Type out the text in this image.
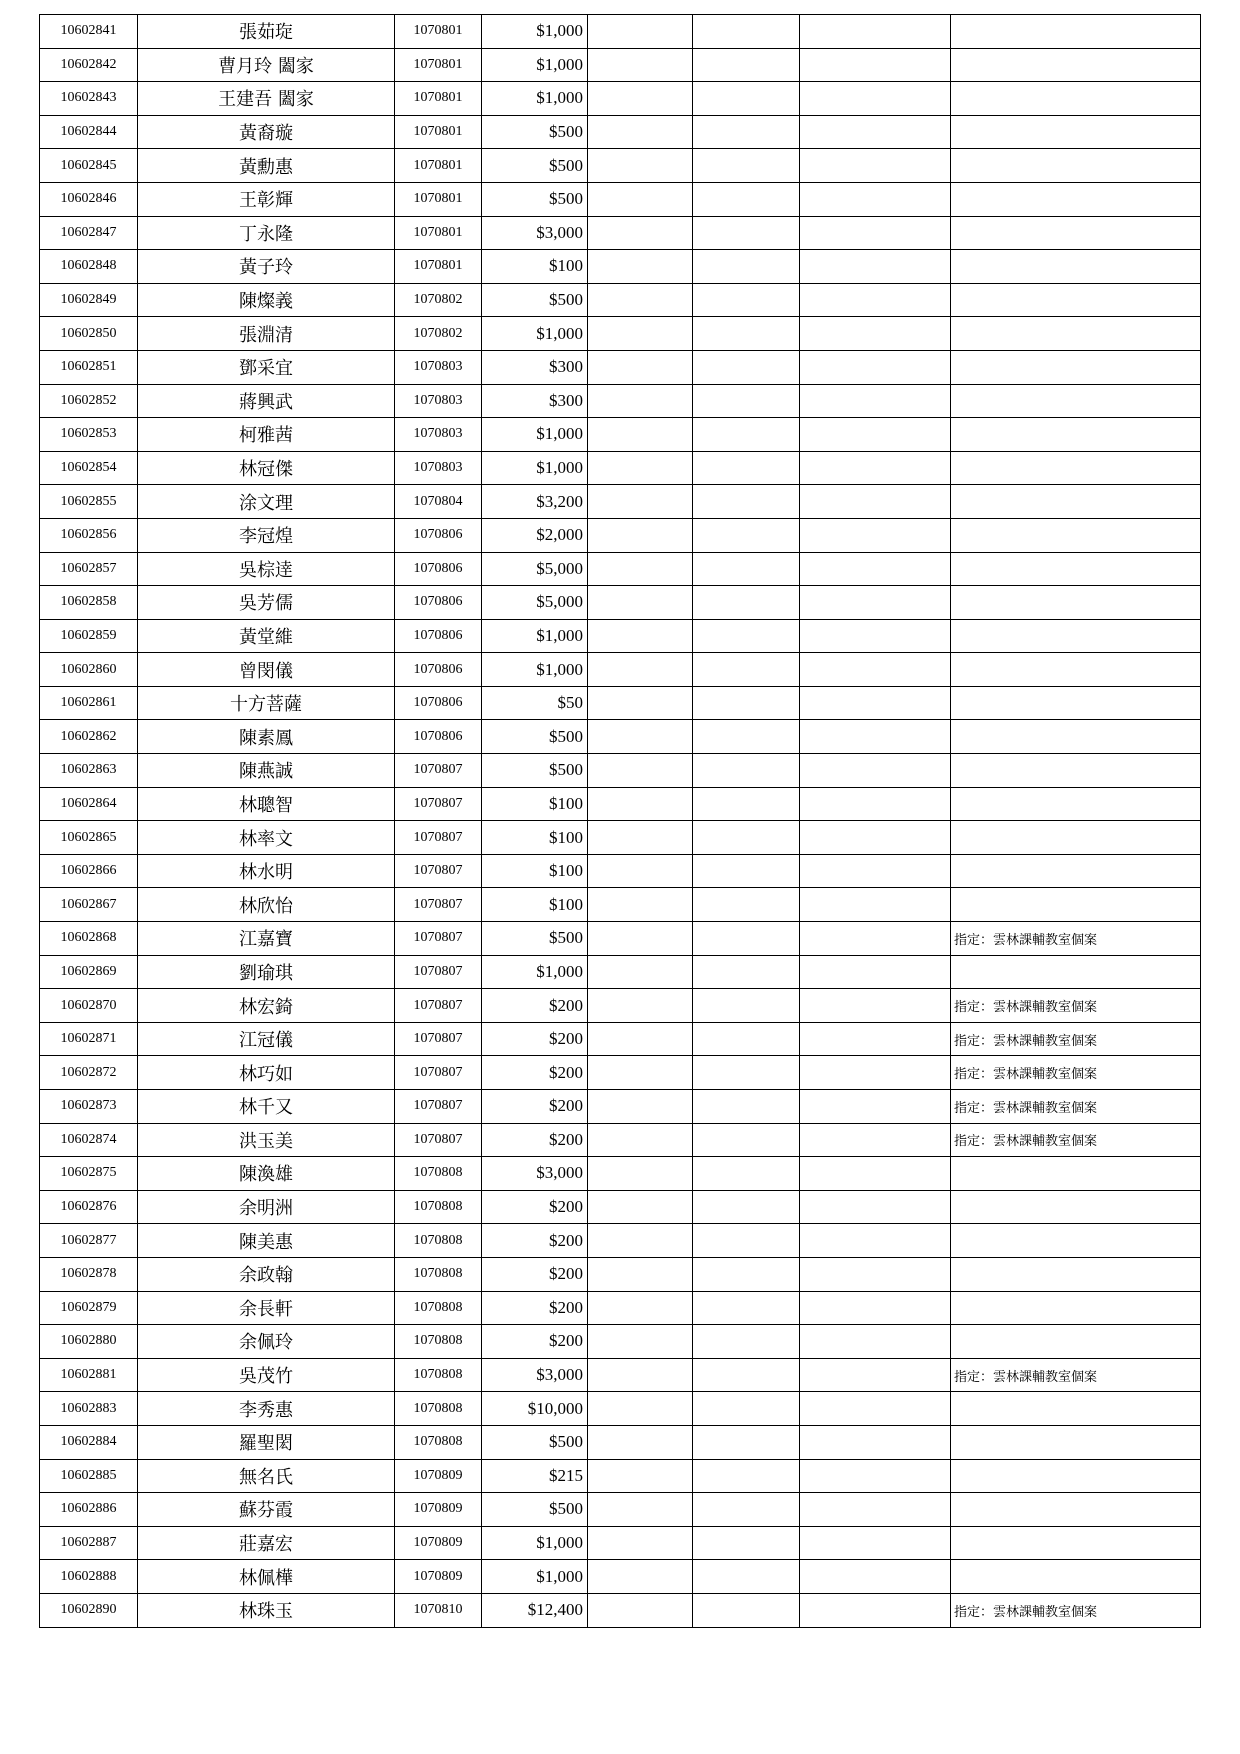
10602841	張茹琁	1070801	$1,000				
10602842	曹月玲 闔家	1070801	$1,000				
10602843	王建吾 闔家	1070801	$1,000				
10602844	黃裔璇	1070801	$500				
10602845	黃勳惠	1070801	$500				
10602846	王彰輝	1070801	$500				
10602847	丁永隆	1070801	$3,000				
10602848	黃子玲	1070801	$100				
10602849	陳燦義	1070802	$500				
10602850	張淵清	1070802	$1,000				
10602851	鄧采宜	1070803	$300				
10602852	蔣興武	1070803	$300				
10602853	柯雅茜	1070803	$1,000				
10602854	林冠傑	1070803	$1,000				
10602855	涂文理	1070804	$3,200				
10602856	李冠煌	1070806	$2,000				
10602857	吳棕逹	1070806	$5,000				
10602858	吳芳儒	1070806	$5,000				
10602859	黃堂維	1070806	$1,000				
10602860	曾閔儀	1070806	$1,000				
10602861	十方菩薩	1070806	$50				
10602862	陳素鳳	1070806	$500				
10602863	陳燕誠	1070807	$500				
10602864	林聰智	1070807	$100				
10602865	林率文	1070807	$100				
10602866	林水明	1070807	$100				
10602867	林欣怡	1070807	$100				
10602868	江嘉寶	1070807	$500				指定：雲林課輔教室個案
10602869	劉瑜琪	1070807	$1,000				
10602870	林宏錡	1070807	$200				指定：雲林課輔教室個案
10602871	江冠儀	1070807	$200				指定：雲林課輔教室個案
10602872	林巧如	1070807	$200				指定：雲林課輔教室個案
10602873	林千又	1070807	$200				指定：雲林課輔教室個案
10602874	洪玉美	1070807	$200				指定：雲林課輔教室個案
10602875	陳渙雄	1070808	$3,000				
10602876	余明洲	1070808	$200				
10602877	陳美惠	1070808	$200				
10602878	余政翰	1070808	$200				
10602879	余長軒	1070808	$200				
10602880	余佩玲	1070808	$200				
10602881	吳茂竹	1070808	$3,000				指定：雲林課輔教室個案
10602883	李秀惠	1070808	$10,000				
10602884	羅聖閎	1070808	$500				
10602885	無名氏	1070809	$215				
10602886	蘇芬霞	1070809	$500				
10602887	莊嘉宏	1070809	$1,000				
10602888	林佩樺	1070809	$1,000				
10602890	林珠玉	1070810	$12,400				指定：雲林課輔教室個案
